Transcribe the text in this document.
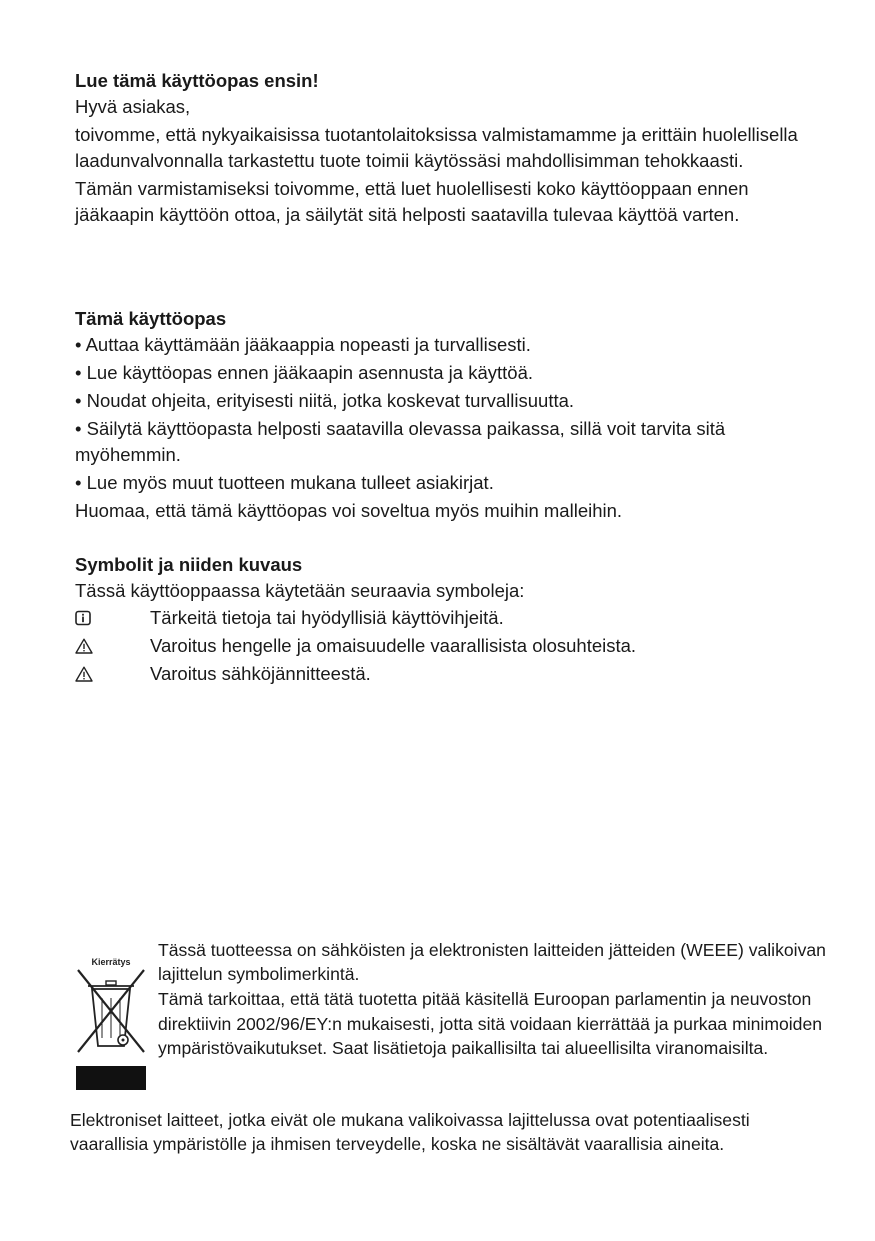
Lue tämä käyttöopas ensin!

Hyvä asiakas,

toivomme, että nykyaikaisissa tuotantolaitoksissa valmistamamme ja erittäin huolellisella laadunvalvonnalla tarkastettu tuote toimii käytössäsi mahdollisimman tehokkaasti.

Tämän varmistamiseksi toivomme, että luet huolellisesti koko käyttöoppaan ennen jääkaapin käyttöön ottoa, ja säilytät sitä helposti saatavilla tulevaa käyttöä varten.

Tämä käyttöopas

• Auttaa käyttämään jääkaappia nopeasti ja turvallisesti.

• Lue käyttöopas ennen jääkaapin asennusta ja käyttöä.

• Noudat ohjeita, erityisesti niitä, jotka koskevat turvallisuutta.

• Säilytä käyttöopasta helposti saatavilla olevassa paikassa, sillä voit tarvita sitä myöhemmin.

• Lue myös muut tuotteen mukana tulleet asiakirjat.

Huomaa, että tämä käyttöopas voi soveltua myös muihin malleihin.

Symbolit ja niiden kuvaus

Tässä käyttöoppaassa käytetään seuraavia symboleja:

Tärkeitä tietoja tai hyödyllisiä käyttövihjeitä.
Varoitus hengelle ja omaisuudelle vaarallisista olosuhteista.
Varoitus sähköjännitteestä.
Kierrätys

Tässä tuotteessa on sähköisten ja elektronisten laitteiden jätteiden (WEEE) valikoivan lajittelun symbolimerkintä.

Tämä tarkoittaa, että tätä tuotetta pitää käsitellä Euroopan parlamentin ja neuvoston direktiivin 2002/96/EY:n mukaisesti, jotta sitä voidaan kierrättää ja purkaa minimoiden ympäristövaikutukset. Saat lisätietoja paikallisilta tai alueellisilta viranomaisilta.

Elektroniset laitteet, jotka eivät ole mukana valikoivassa lajittelussa ovat potentiaalisesti vaarallisia ympäristölle ja ihmisen terveydelle, koska ne sisältävät vaarallisia aineita.
